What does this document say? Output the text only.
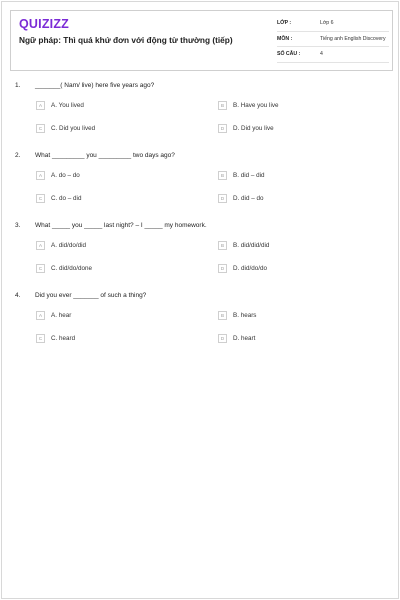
QUIZIZZ
Ngữ pháp: Thì quá khứ đơn với động từ thường (tiếp)
LỚP :	Lớp 6
MÔN :	Tiếng anh English Discovery
SỐ CÂU :	4
1. _______( Nam/ live) here five years ago?
A	A. You lived	B	B. Have you live
C	C. Did you lived	D	D. Did you live
2. What _________ you _________ two days ago?
A	A. do – do	B	B. did – did
C	C. do – did	D	D. did – do
3. What _____ you _____ last night? – I _____ my homework.
A	A. did/do/did	B	B. did/did/did
C	C. did/do/done	D	D. did/do/do
4. Did you ever _______ of such a thing?
A	A. hear	B	B. hears
C	C. heard	D	D. heart
